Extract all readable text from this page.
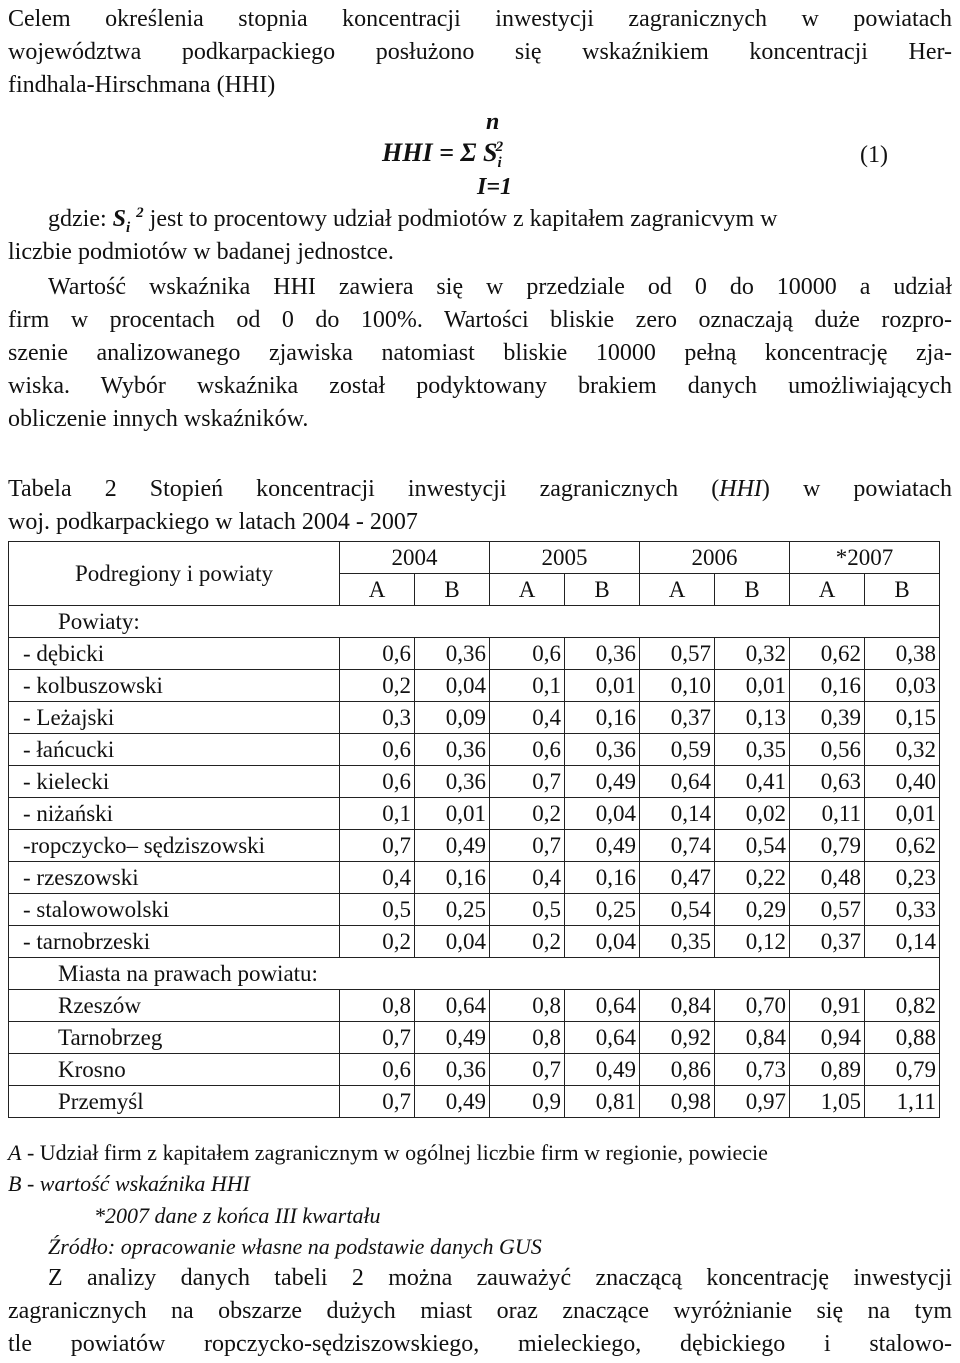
Celem określenia stopnia koncentracji inwestycji zagranicznych w powiatach
województwa podkarpackiego posłużono się wskaźnikiem koncentracji Her-
findhala-Hirschmana (HHI)
n
HHI = Σ $S_i^2$	(1)
I=1
gdzie: $S_i^2$ jest to procentowy udział podmiotów z kapitałem zagranicvym w
liczbie podmiotów w badanej jednostce.
Wartość wskaźnika HHI zawiera się w przedziale od 0 do 10000 a udział
firm w procentach od 0 do 100%. Wartości bliskie zero oznaczają duże rozpro-
szenie analizowanego zjawiska natomiast bliskie 10000 pełną koncentrację zja-
wiska. Wybór wskaźnika został podyktowany brakiem danych umożliwiających
obliczenie innych wskaźników.
Tabela 2 Stopień koncentracji inwestycji zagranicznych (HHI) w powiatach
woj. podkarpackiego w latach 2004 - 2007
Podregiony i powiaty	2004		2005		2006		*2007	
	A	B	A	B	A	B	A	B
Powiaty:								
- dębicki	0,6	0,36	0,6	0,36	0,57	0,32	0,62	0,38
- kolbuszowski	0,2	0,04	0,1	0,01	0,10	0,01	0,16	0,03
- Leżajski	0,3	0,09	0,4	0,16	0,37	0,13	0,39	0,15
- łańcucki	0,6	0,36	0,6	0,36	0,59	0,35	0,56	0,32
- kielecki	0,6	0,36	0,7	0,49	0,64	0,41	0,63	0,40
- niżański	0,1	0,01	0,2	0,04	0,14	0,02	0,11	0,01
-ropczycko– sędziszowski	0,7	0,49	0,7	0,49	0,74	0,54	0,79	0,62
- rzeszowski	0,4	0,16	0,4	0,16	0,47	0,22	0,48	0,23
- stalowowolski	0,5	0,25	0,5	0,25	0,54	0,29	0,57	0,33
- tarnobrzeski	0,2	0,04	0,2	0,04	0,35	0,12	0,37	0,14
Miasta na prawach powiatu:								
Rzeszów	0,8	0,64	0,8	0,64	0,84	0,70	0,91	0,82
Tarnobrzeg	0,7	0,49	0,8	0,64	0,92	0,84	0,94	0,88
Krosno	0,6	0,36	0,7	0,49	0,86	0,73	0,89	0,79
Przemyśl	0,7	0,49	0,9	0,81	0,98	0,97	1,05	1,11
A - Udział firm z kapitałem zagranicznym w ogólnej liczbie firm w regionie, powiecie
B - wartość wskaźnika HHI
*2007 dane z końca III kwartału
Źródło: opracowanie własne na podstawie danych GUS
Z analizy danych tabeli 2 można zauważyć znaczącą koncentrację inwestycji
zagranicznych na obszarze dużych miast oraz znaczące wyróżnianie się na tym
tle powiatów ropczycko-sędziszowskiego, mieleckiego, dębickiego i stalowo-
